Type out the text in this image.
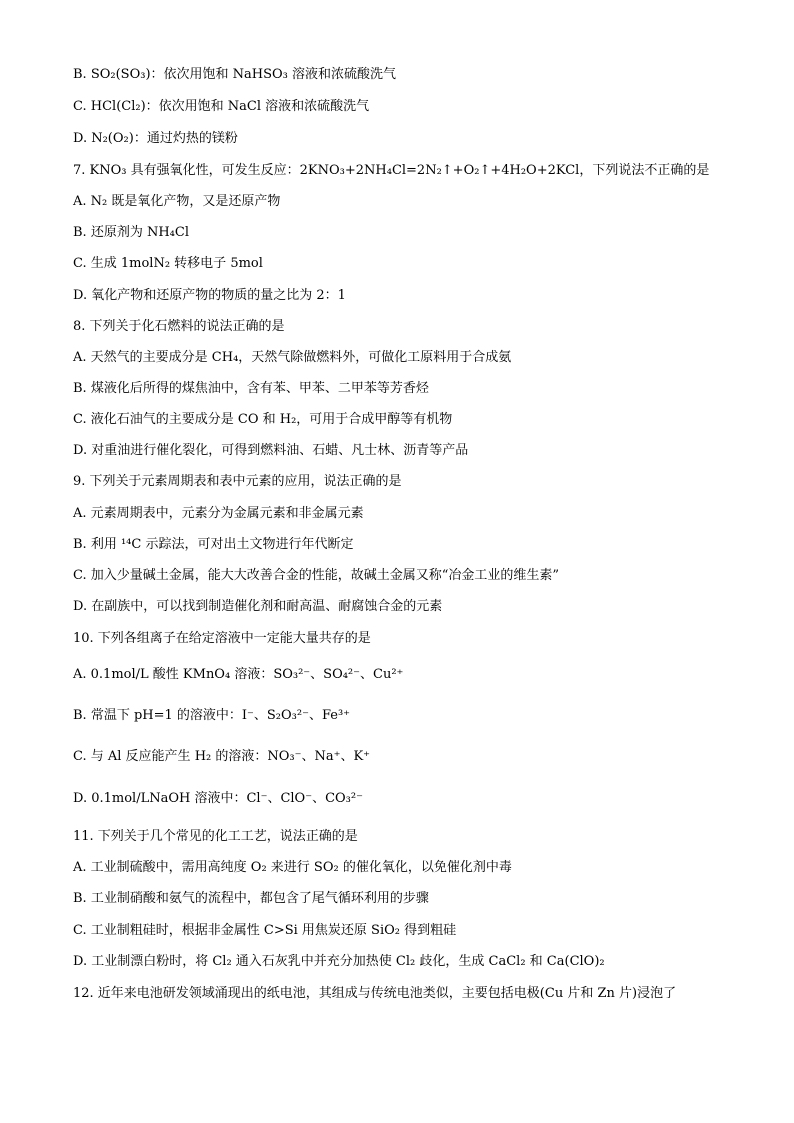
B. SO₂(SO₃)：依次用饱和 NaHSO₃ 溶液和浓硫酸洗气
C. HCl(Cl₂)：依次用饱和 NaCl 溶液和浓硫酸洗气
D. N₂(O₂)：通过灼热的镁粉
7. KNO₃ 具有强氧化性，可发生反应：2KNO₃+2NH₄Cl=2N₂↑+O₂↑+4H₂O+2KCl，下列说法不正确的是
A. N₂ 既是氧化产物，又是还原产物
B. 还原剂为 NH₄Cl
C. 生成 1molN₂ 转移电子 5mol
D. 氧化产物和还原产物的物质的量之比为 2：1
8. 下列关于化石燃料的说法正确的是
A. 天然气的主要成分是 CH₄，天然气除做燃料外，可做化工原料用于合成氨
B. 煤液化后所得的煤焦油中，含有苯、甲苯、二甲苯等芳香烃
C. 液化石油气的主要成分是 CO 和 H₂，可用于合成甲醇等有机物
D. 对重油进行催化裂化，可得到燃料油、石蜡、凡士林、沥青等产品
9. 下列关于元素周期表和表中元素的应用，说法正确的是
A. 元素周期表中，元素分为金属元素和非金属元素
B. 利用 ¹⁴C 示踪法，可对出土文物进行年代断定
C. 加入少量碱土金属，能大大改善合金的性能，故碱土金属又称“冶金工业的维生素”
D. 在副族中，可以找到制造催化剂和耐高温、耐腐蚀合金的元素
10. 下列各组离子在给定溶液中一定能大量共存的是
A. 0.1mol/L 酸性 KMnO₄ 溶液：SO₃²⁻、SO₄²⁻、Cu²⁺
B. 常温下 pH=1 的溶液中：I⁻、S₂O₃²⁻、Fe³⁺
C. 与 Al 反应能产生 H₂ 的溶液：NO₃⁻、Na⁺、K⁺
D. 0.1mol/LNaOH 溶液中：Cl⁻、ClO⁻、CO₃²⁻
11. 下列关于几个常见的化工工艺，说法正确的是
A. 工业制硫酸中，需用高纯度 O₂ 来进行 SO₂ 的催化氧化，以免催化剂中毒
B. 工业制硝酸和氨气的流程中，都包含了尾气循环利用的步骤
C. 工业制粗硅时，根据非金属性 C>Si 用焦炭还原 SiO₂ 得到粗硅
D. 工业制漂白粉时，将 Cl₂ 通入石灰乳中并充分加热使 Cl₂ 歧化，生成 CaCl₂ 和 Ca(ClO)₂
12. 近年来电池研发领域涌现出的纸电池，其组成与传统电池类似，主要包括电极(Cu 片和 Zn 片)浸泡了
